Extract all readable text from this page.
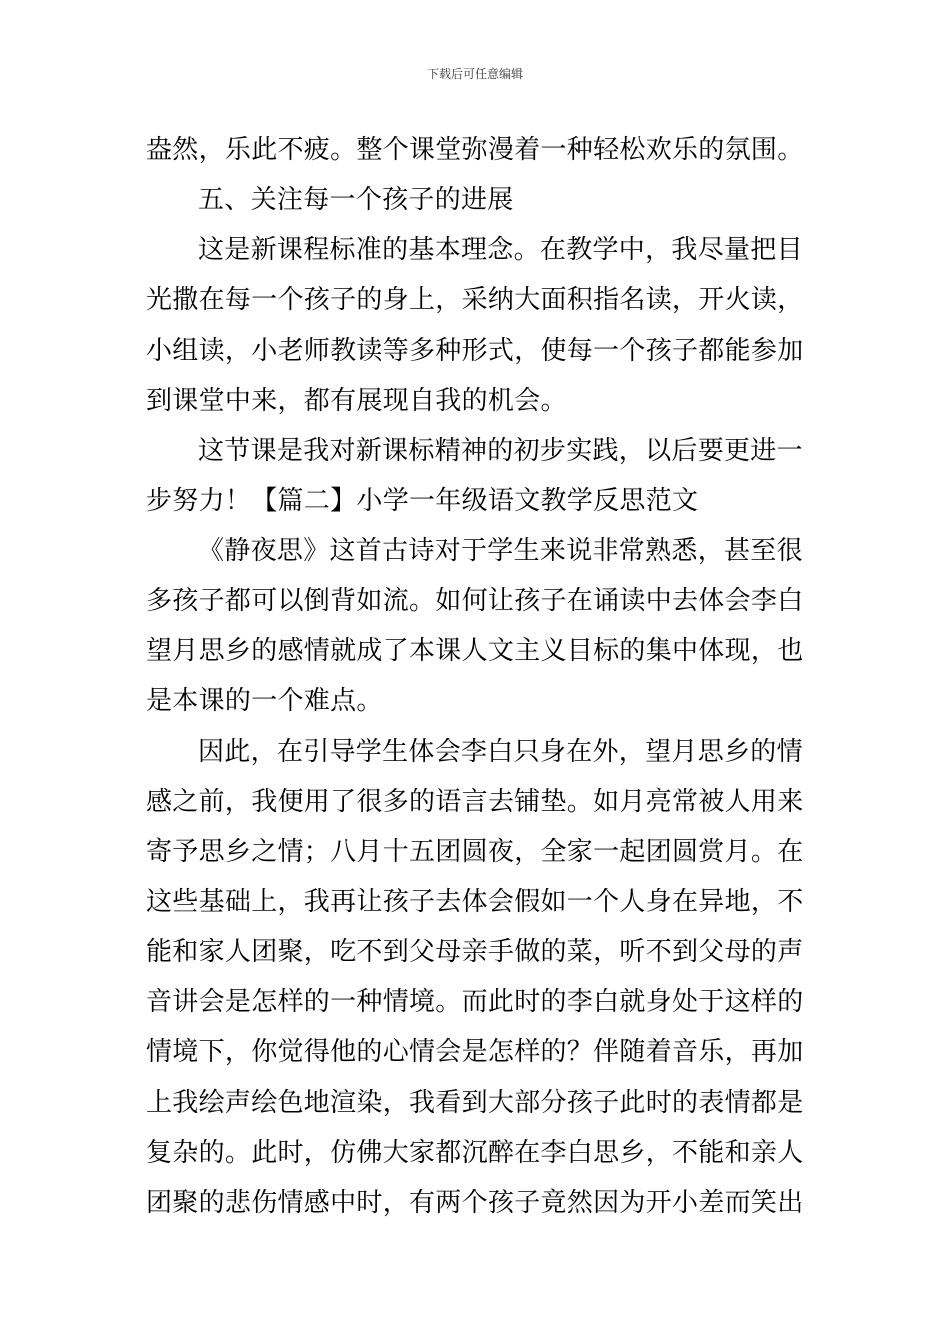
下载后可任意编辑
盎然，乐此不疲。整个课堂弥漫着一种轻松欢乐的氛围。
五、关注每一个孩子的进展
这是新课程标准的基本理念。在教学中，我尽量把目
光撒在每一个孩子的身上，采纳大面积指名读，开火读，
小组读，小老师教读等多种形式，使每一个孩子都能参加
到课堂中来，都有展现自我的机会。
这节课是我对新课标精神的初步实践，以后要更进一
步努力！【篇二】小学一年级语文教学反思范文
《静夜思》这首古诗对于学生来说非常熟悉，甚至很
多孩子都可以倒背如流。如何让孩子在诵读中去体会李白
望月思乡的感情就成了本课人文主义目标的集中体现，也
是本课的一个难点。
因此，在引导学生体会李白只身在外，望月思乡的情
感之前，我便用了很多的语言去铺垫。如月亮常被人用来
寄予思乡之情；八月十五团圆夜，全家一起团圆赏月。在
这些基础上，我再让孩子去体会假如一个人身在异地，不
能和家人团聚，吃不到父母亲手做的菜，听不到父母的声
音讲会是怎样的一种情境。而此时的李白就身处于这样的
情境下，你觉得他的心情会是怎样的？伴随着音乐，再加
上我绘声绘色地渲染，我看到大部分孩子此时的表情都是
复杂的。此时，仿佛大家都沉醉在李白思乡，不能和亲人
团聚的悲伤情感中时，有两个孩子竟然因为开小差而笑出
